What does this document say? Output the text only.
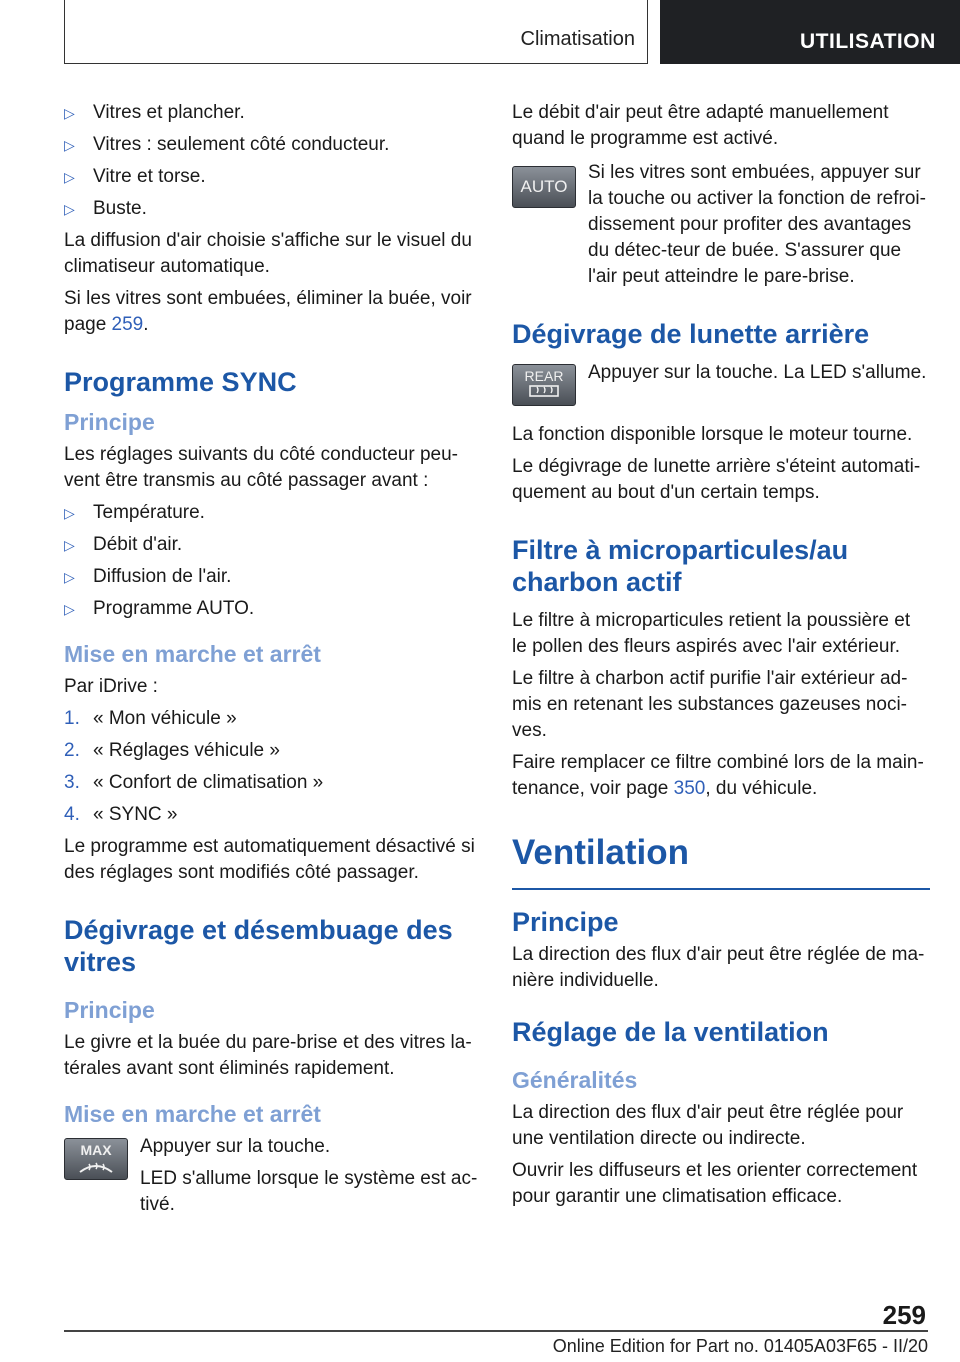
Climatisation	UTILISATION
▷ Vitres et plancher.
▷ Vitres : seulement côté conducteur.
▷ Vitre et torse.
▷ Buste.

La diffusion d'air choisie s'affiche sur le visuel du climatiseur automatique.

Si les vitres sont embuées, éliminer la buée, voir page 259.

Programme SYNC
Principe

Les réglages suivants du côté conducteur peu-vent être transmis au côté passager avant :

▷ Température.
▷ Débit d'air.
▷ Diffusion de l'air.
▷ Programme AUTO.
Mise en marche et arrêt

Par iDrive :

1. « Mon véhicule »
2. « Réglages véhicule »
3. « Confort de climatisation »
4. « SYNC »

Le programme est automatiquement désactivé si des réglages sont modifiés côté passager.

Dégivrage et désembuage des vitres
Principe

Le givre et la buée du pare-brise et des vitres la-térales avant sont éliminés rapidement.

Mise en marche et arrêt
MAX	Appuyer sur la touche.

LED s'allume lorsque le système est ac-tivé.

Le débit d'air peut être adapté manuellement quand le programme est activé.

AUTO

Si les vitres sont embuées, appuyer sur la touche ou activer la fonction de refroi-dissement pour profiter des avantages du détec-teur de buée. S'assurer que l'air peut atteindre le pare-brise.

Dégivrage de lunette arrière
REAR	Appuyer sur la touche. La LED s'allume.

La fonction disponible lorsque le moteur tourne.

Le dégivrage de lunette arrière s'éteint automati-quement au bout d'un certain temps.

Filtre à microparticules/au charbon actif

Le filtre à microparticules retient la poussière et le pollen des fleurs aspirés avec l'air extérieur.

Le filtre à charbon actif purifie l'air extérieur ad-mis en retenant les substances gazeuses noci-ves.

Faire remplacer ce filtre combiné lors de la main-tenance, voir page 350, du véhicule.

Ventilation
Principe

La direction des flux d'air peut être réglée de ma-nière individuelle.

Réglage de la ventilation
Généralités

La direction des flux d'air peut être réglée pour une ventilation directe ou indirecte.

Ouvrir les diffuseurs et les orienter correctement pour garantir une climatisation efficace.

259
Online Edition for Part no. 01405A03F65 - II/20
